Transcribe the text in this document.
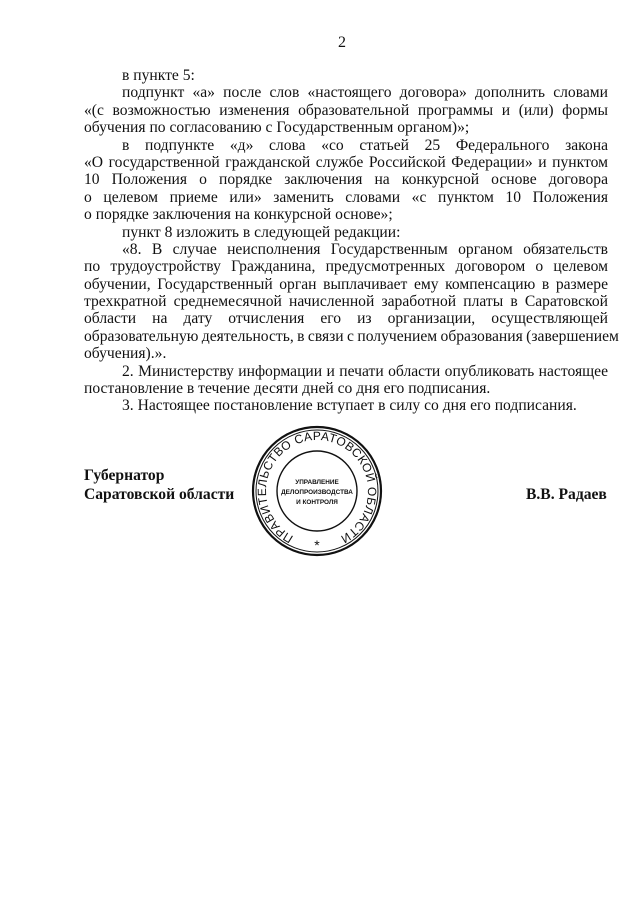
2
в пункте 5:
подпункт «а» после слов «настоящего договора» дополнить словами
«(с возможностью изменения образовательной программы и (или) формы
обучения по согласованию с Государственным органом)»;
в подпункте «д» слова «со статьей 25 Федерального закона
«О государственной гражданской службе Российской Федерации» и пунктом
10 Положения о порядке заключения на конкурсной основе договора
о целевом приеме или» заменить словами «с пунктом 10 Положения
о порядке заключения на конкурсной основе»;
пункт 8 изложить в следующей редакции:
«8. В случае неисполнения Государственным органом обязательств
по трудоустройству Гражданина, предусмотренных договором о целевом
обучении, Государственный орган выплачивает ему компенсацию в размере
трехкратной среднемесячной начисленной заработной платы в Саратовской
области на дату отчисления его из организации, осуществляющей
образовательную деятельность, в связи с получением образования (завершением
обучения).».
2. Министерству информации и печати области опубликовать настоящее
постановление в течение десяти дней со дня его подписания.
3. Настоящее постановление вступает в силу со дня его подписания.
Губернатор
Саратовской области	В.В. Радаев
ПРАВИТЕЛЬСТВО САРАТОВСКОЙ ОБЛАСТИ
УПРАВЛЕНИЕ
ДЕЛОПРОИЗВОДСТВА
И КОНТРОЛЯ
*
